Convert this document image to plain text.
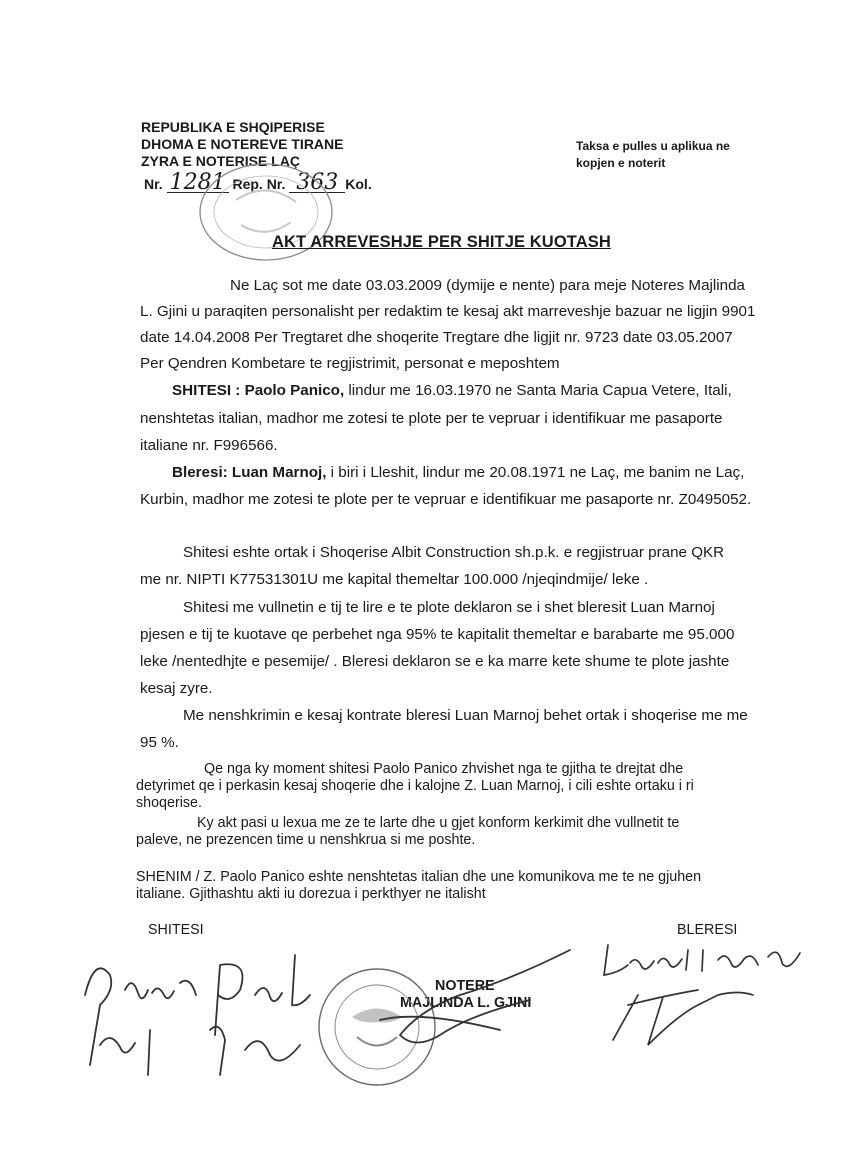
REPUBLIKA E SHQIPERISE
DHOMA E NOTEREVE TIRANE
ZYRA E NOTERISE LAÇ
Nr. 1281 Rep. Nr. 363 Kol.
Taksa e pulles u aplikua ne
kopjen e noterit
AKT ARREVESHJE PER SHITJE KUOTASH
Ne Laç sot me date 03.03.2009 (dymije e nente) para meje Noteres Majlinda
L. Gjini u paraqiten personalisht per redaktim te kesaj akt marreveshje bazuar ne ligjin 9901
date 14.04.2008 Per Tregtaret dhe shoqerite Tregtare dhe ligjit nr. 9723 date 03.05.2007
Per Qendren Kombetare te regjistrimit, personat e meposhtem
SHITESI : Paolo Panico, lindur me 16.03.1970 ne Santa Maria Capua Vetere, Itali,
nenshtetas italian, madhor me zotesi te plote per te vepruar i identifikuar me pasaporte
italiane nr. F996566.
Bleresi: Luan Marnoj, i biri i Lleshit, lindur me 20.08.1971 ne Laç, me banim ne Laç,
Kurbin, madhor me zotesi te plote per te vepruar e identifikuar me pasaporte nr. Z0495052.
Shitesi eshte ortak i Shoqerise Albit Construction sh.p.k. e regjistruar prane QKR
me nr. NIPTI K77531301U me kapital themeltar 100.000 /njeqindmije/ leke .
Shitesi me vullnetin e tij te lire e te plote deklaron se i shet bleresit Luan Marnoj
pjesen e tij te kuotave qe perbehet nga 95% te kapitalit themeltar e barabarte me 95.000
leke /nentedhjte e pesemije/ . Bleresi deklaron se e ka marre kete shume te plote jashte
kesaj zyre.
Me nenshkrimin e kesaj kontrate bleresi Luan Marnoj behet ortak i shoqerise me me
95 %.
Qe nga ky moment shitesi Paolo Panico zhvishet nga te gjitha te drejtat dhe
detyrimet qe i perkasin kesaj shoqerie dhe i kalojne Z. Luan Marnoj, i cili eshte ortaku i ri
shoqerise.
Ky akt pasi u lexua me ze te larte dhe u gjet konform kerkimit dhe vullnetit te
paleve, ne prezencen time u nenshkrua si me poshte.
SHENIM / Z. Paolo Panico eshte nenshtetas italian dhe une komunikova me te ne gjuhen
italiane. Gjithashtu akti iu dorezua i perkthyer ne italisht
SHITESI	BLERESI
NOTERE
MAJLINDA L. GJINI
